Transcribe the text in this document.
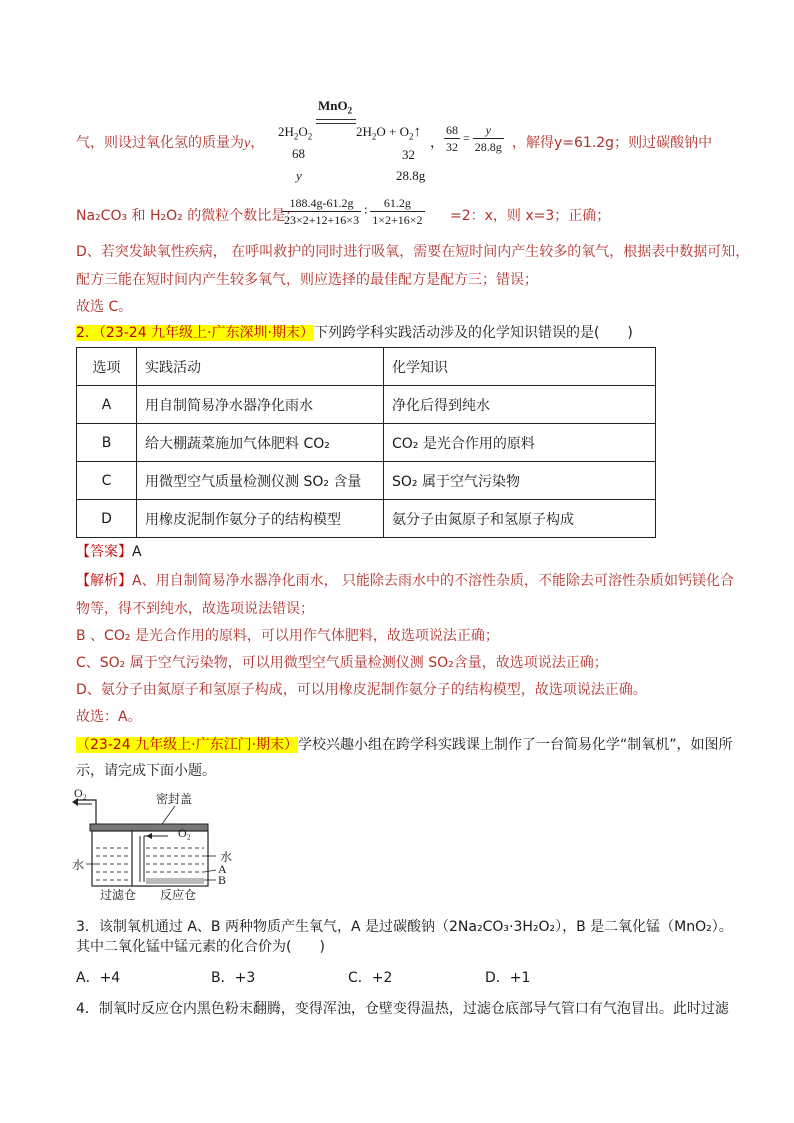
MnO$_2$
气，则设过氧化氢的质量为y，
$2H_2O_2$	$2H_2O$ + $O_2↑$
68	32
y	28.8g
， $\frac{68}{32} = \frac{y}{28.8g}$ ，解得y=61.2g；则过碳酸钠中
Na₂CO₃ 和 H₂O₂ 的微粒个数比是：
$\frac{188.4g-61.2g}{23\times 2+12+16\times 3}$ ∶ $\frac{61.2g}{1\times 2+16\times 2} =2$：x，则 x=3；正确；
D、若突发缺氧性疾病， 在呼叫救护的同时进行吸氧，需要在短时间内产生较多的氧气，根据表中数据可知，
配方三能在短时间内产生较多氧气，则应选择的最佳配方是配方三；错误；
故选 C。
2．（23-24 九年级上·广东深圳·期末）下列跨学科实践活动涉及的化学知识错误的是(　　)
选项	实践活动	化学知识
A	用自制简易净水器净化雨水	净化后得到纯水
B	给大棚蔬菜施加气体肥料 CO₂	CO₂ 是光合作用的原料
C	用微型空气质量检测仪测 SO₂ 含量	SO₂ 属于空气污染物
D	用橡皮泥制作氨分子的结构模型	氨分子由氮原子和氢原子构成
【答案】A
【解析】A、用自制简易净水器净化雨水， 只能除去雨水中的不溶性杂质，不能除去可溶性杂质如钙镁化合
物等，得不到纯水，故选项说法错误；
B 、CO₂ 是光合作用的原料，可以用作气体肥料，故选项说法正确；
C、SO₂ 属于空气污染物，可以用微型空气质量检测仪测 SO₂含量，故选项说法正确；
D、氨分子由氮原子和氢原子构成，可以用橡皮泥制作氨分子的结构模型，故选项说法正确。
故选：A。
（23-24 九年级上·广东江门·期末）学校兴趣小组在跨学科实践课上制作了一台简易化学“制氧机”，如图所
示，请完成下面小题。
O₂	密封盖
O₂
水
水
A
B
过滤仓 反应仓
3．该制氧机通过 A、B 两种物质产生氧气，A 是过碳酸钠（2Na₂CO₃·3H₂O₂），B 是二氧化锰（MnO₂）。
其中二氧化锰中锰元素的化合价为(　　)
A．+4	B．+3	C．+2	D．+1
4．制氧时反应仓内黑色粉末翻腾，变得浑浊，仓壁变得温热，过滤仓底部导气管口有气泡冒出。此时过滤
